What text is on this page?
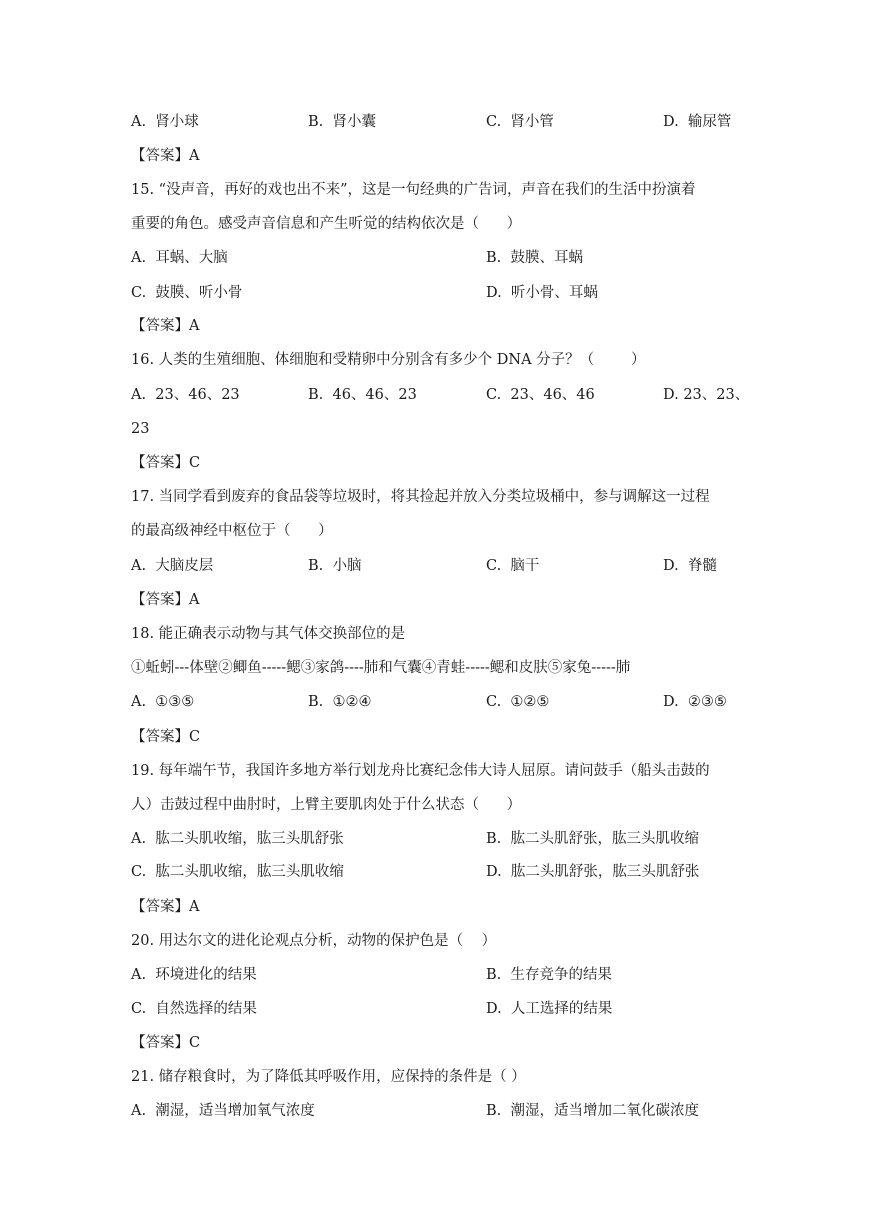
A.  肾小球	B.  肾小囊	C.  肾小管	D.  输尿管
【答案】A
15. “没声音，再好的戏也出不来”，这是一句经典的广告词，声音在我们的生活中扮演着
重要的角色。感受声音信息和产生听觉的结构依次是（      ）
A.  耳蜗、大脑	B.  鼓膜、耳蜗
C.  鼓膜、听小骨	D.  听小骨、耳蜗
【答案】A
16. 人类的生殖细胞、体细胞和受精卵中分别含有多少个 DNA 分子？（        ）
A.  23、46、23	B.  46、46、23	C.  23、46、46	D. 23、23、
23
【答案】C
17. 当同学看到废弃的食品袋等垃圾时，将其捡起并放入分类垃圾桶中，参与调解这一过程
的最高级神经中枢位于（      ）
A.  大脑皮层	B.  小脑	C.  脑干	D.  脊髓
【答案】A
18. 能正确表示动物与其气体交换部位的是
①蚯蚓---体壁②鲫鱼-----鳃③家鸽----肺和气囊④青蛙-----鳃和皮肤⑤家兔-----肺
A.  ①③⑤	B.  ①②④	C.  ①②⑤	D.  ②③⑤
【答案】C
19. 每年端午节，我国许多地方举行划龙舟比赛纪念伟大诗人屈原。请问鼓手（船头击鼓的
人）击鼓过程中曲肘时，上臂主要肌肉处于什么状态（      ）
A.  肱二头肌收缩，肱三头肌舒张	B.  肱二头肌舒张，肱三头肌收缩
C.  肱二头肌收缩，肱三头肌收缩	D.  肱二头肌舒张，肱三头肌舒张
【答案】A
20. 用达尔文的进化论观点分析，动物的保护色是（    ）
A.  环境进化的结果	B.  生存竞争的结果
C.  自然选择的结果	D.  人工选择的结果
【答案】C
21. 储存粮食时，为了降低其呼吸作用，应保持的条件是（ ）
A.  潮湿，适当增加氧气浓度	B.  潮湿，适当增加二氧化碳浓度
